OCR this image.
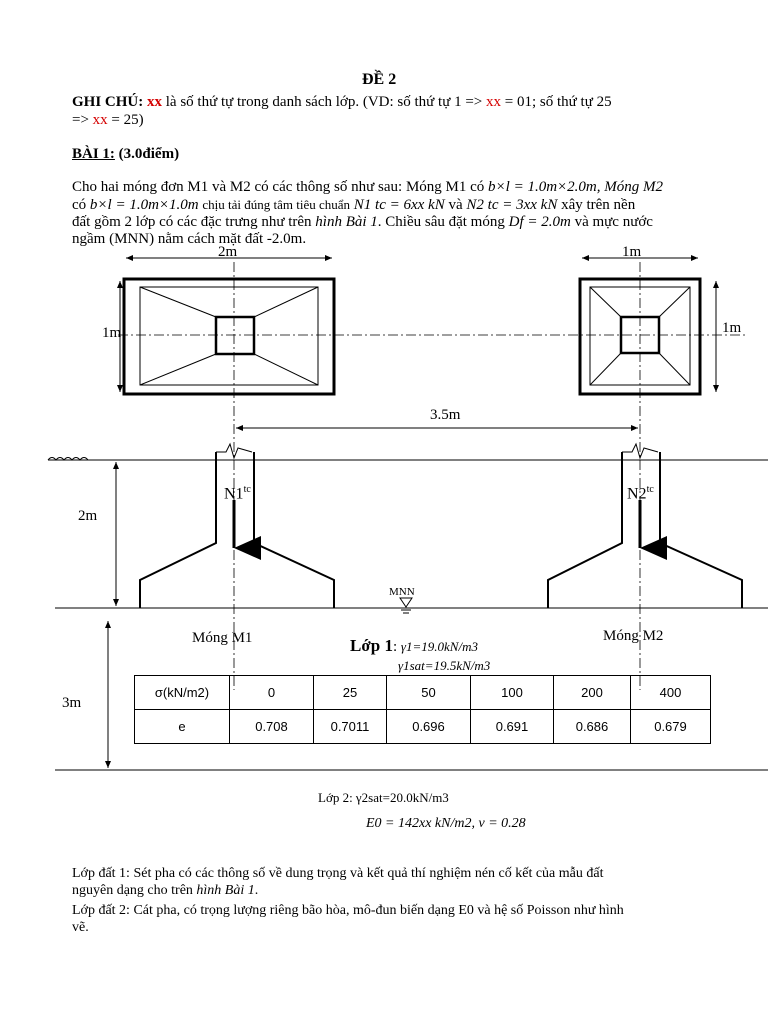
ĐỀ 2
GHI CHÚ: xx là số thứ tự trong danh sách lớp. (VD: số thứ tự 1 => xx = 01; số thứ tự 25
=> xx = 25)
BÀI 1: (3.0điểm)
Cho hai móng đơn M1 và M2 có các thông số như sau: Móng M1 có b×l = 1.0m×2.0m, Móng M2
có b×l = 1.0m×1.0m chịu tải đúng tâm tiêu chuẩn N1 tc = 6xx kN và N2 tc = 3xx kN xây trên nền
đất gồm 2 lớp có các đặc trưng như trên hình Bài 1. Chiều sâu đặt móng Df = 2.0m và mực nước
ngầm (MNN) nằm cách mặt đất -2.0m.
2m	1m
1m	1m
3.5m
$N1^{tc}$	$N2^{tc}$
2m
MNN
Móng M1	Móng M2
3m
Lớp 1: γ1=19.0kN/m3
γ1sat=19.5kN/m3
σ(kN/m2)	0	25	50	100	200	400
e	0.708	0.7011	0.696	0.691	0.686	0.679
Lớp 2: γ2sat=20.0kN/m3
E0 = 142xx kN/m2, ν = 0.28
Lớp đất 1: Sét pha có các thông số về dung trọng và kết quả thí nghiệm nén cố kết của mẫu đất
nguyên dạng cho trên hình Bài 1.
Lớp đất 2: Cát pha, có trọng lượng riêng bão hòa, mô-đun biến dạng E0 và hệ số Poisson như hình
vẽ.
